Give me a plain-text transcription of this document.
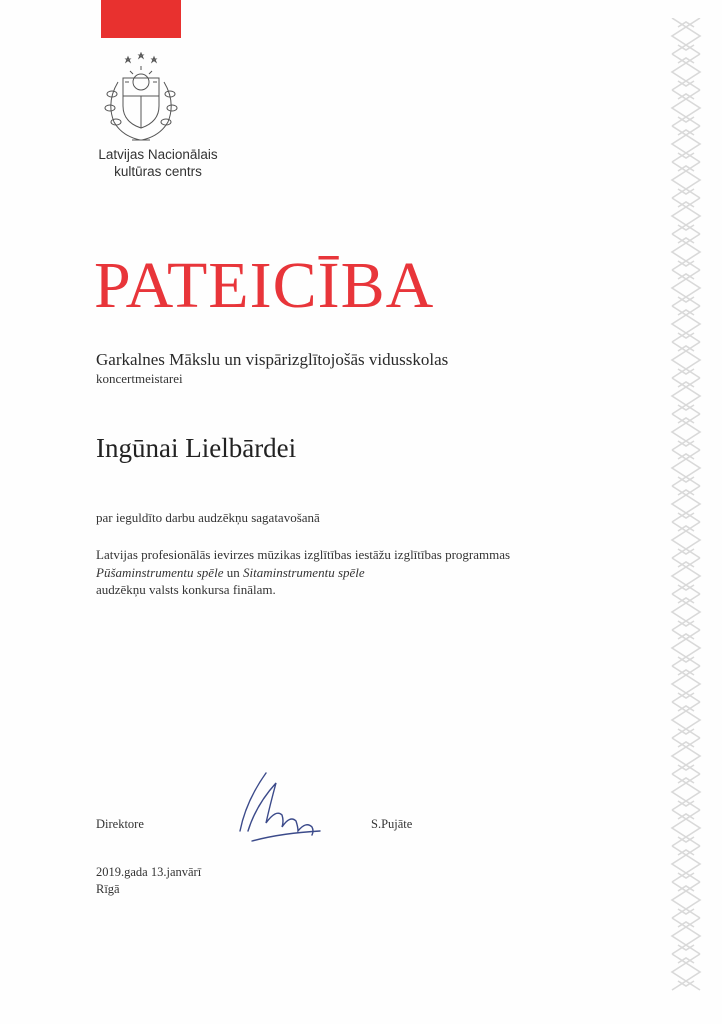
Latvijas Nacionālais
kultūras centrs
PATEICĪBA
Garkalnes Mākslu un vispārizglītojošās vidusskolas
koncertmeistarei
Ingūnai Lielbārdei
par ieguldīto darbu audzēkņu sagatavošanā
Latvijas profesionālās ievirzes mūzikas izglītības iestāžu izglītības programmas
Pūšaminstrumentu spēle un Sitaminstrumentu spēle
audzēkņu valsts konkursa finālam.
Direktore	S.Pujāte
2019.gada 13.janvārī
Rīgā
